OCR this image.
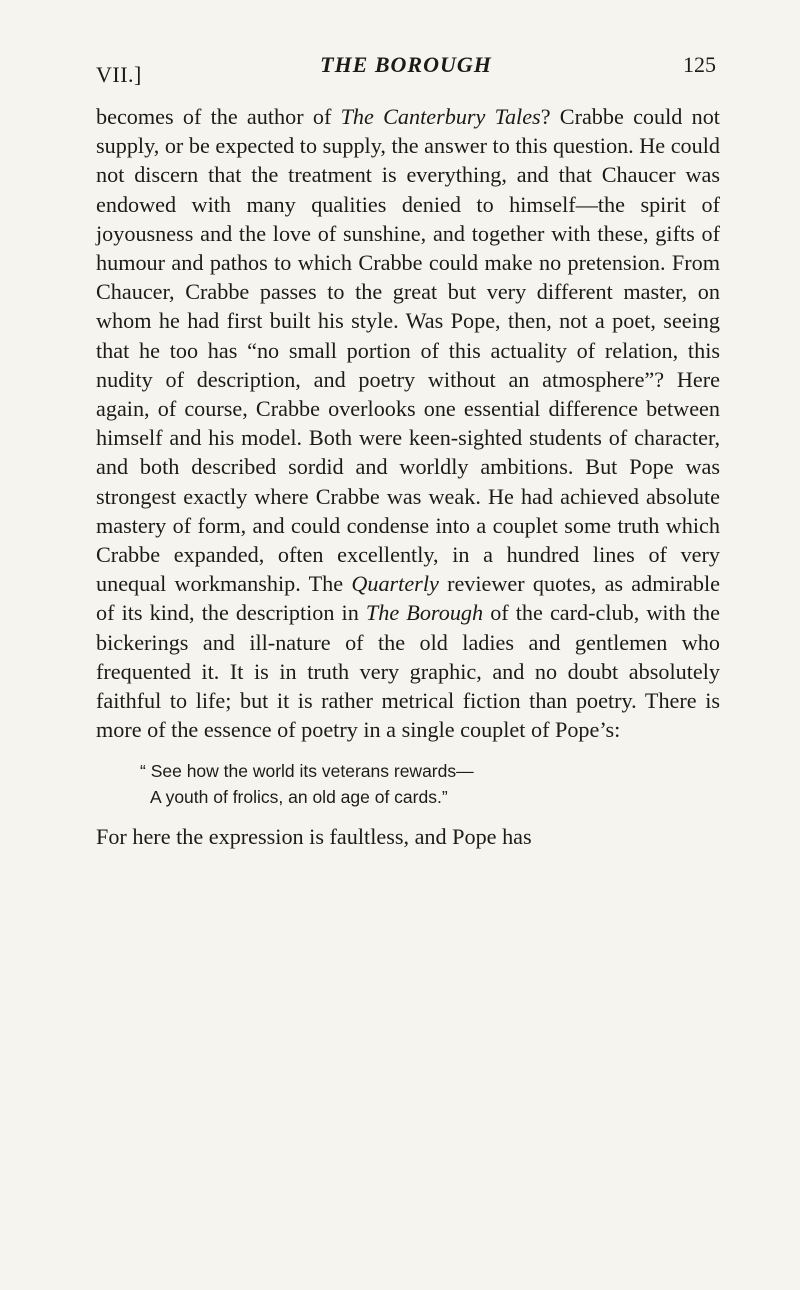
VII.]	THE BOROUGH	125

becomes of the author of The Canterbury Tales? Crabbe could not supply, or be expected to supply, the answer to this question. He could not discern that the treatment is everything, and that Chaucer was endowed with many qualities denied to himself—the spirit of joyousness and the love of sunshine, and together with these, gifts of humour and pathos to which Crabbe could make no pretension. From Chaucer, Crabbe passes to the great but very different master, on whom he had first built his style. Was Pope, then, not a poet, seeing that he too has “no small portion of this actuality of relation, this nudity of description, and poetry without an atmosphere”? Here again, of course, Crabbe overlooks one essential difference between himself and his model. Both were keen-sighted students of character, and both described sordid and worldly ambitions. But Pope was strongest exactly where Crabbe was weak. He had achieved absolute mastery of form, and could condense into a couplet some truth which Crabbe expanded, often excellently, in a hundred lines of very unequal workmanship. The Quarterly reviewer quotes, as admirable of its kind, the description in The Borough of the card-club, with the bickerings and ill-nature of the old ladies and gentlemen who frequented it. It is in truth very graphic, and no doubt absolutely faithful to life; but it is rather metrical fiction than poetry. There is more of the essence of poetry in a single couplet of Pope’s:

“ See how the world its veterans rewards—
A youth of frolics, an old age of cards.”

For here the expression is faultless, and Pope has
